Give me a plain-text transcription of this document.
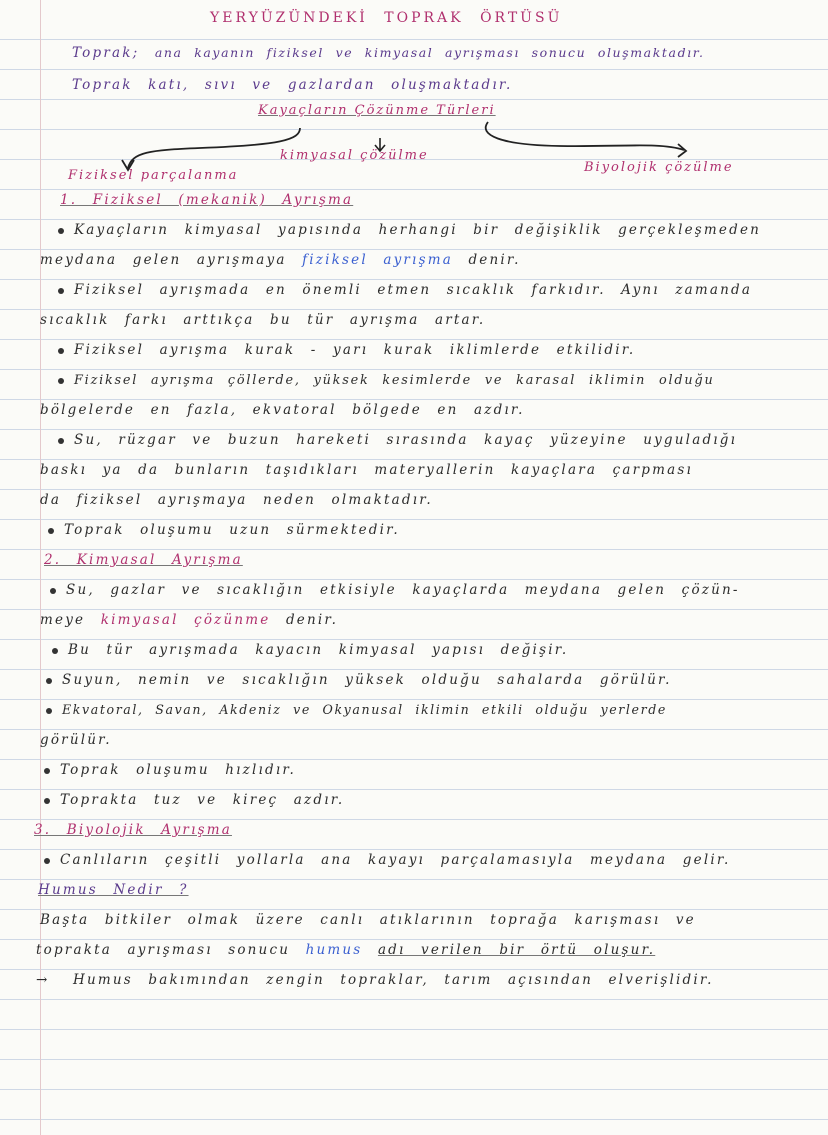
YERYÜZÜNDEKİ TOPRAK ÖRTÜSÜ
Toprak; ana kayanın fiziksel ve kimyasal ayrışması sonucu oluşmaktadır.
Toprak katı, sıvı ve gazlardan oluşmaktadır.
Kayaçların Çözünme Türleri
Fiziksel parçalanma
kimyasal çözülme
Biyolojik çözülme
1. Fiziksel (mekanik) Ayrışma
Kayaçların kimyasal yapısında herhangi bir değişiklik gerçekleşmeden
meydana gelen ayrışmaya fiziksel ayrışma denir.
Fiziksel ayrışmada en önemli etmen sıcaklık farkıdır. Aynı zamanda
sıcaklık farkı arttıkça bu tür ayrışma artar.
Fiziksel ayrışma kurak - yarı kurak iklimlerde etkilidir.
Fiziksel ayrışma çöllerde, yüksek kesimlerde ve karasal iklimin olduğu
bölgelerde en fazla, ekvatoral bölgede en azdır.
Su, rüzgar ve buzun hareketi sırasında kayaç yüzeyine uyguladığı
baskı ya da bunların taşıdıkları materyallerin kayaçlara çarpması
da fiziksel ayrışmaya neden olmaktadır.
Toprak oluşumu uzun sürmektedir.
2. Kimyasal Ayrışma
Su, gazlar ve sıcaklığın etkisiyle kayaçlarda meydana gelen çözün-
meye kimyasal çözünme denir.
Bu tür ayrışmada kayacın kimyasal yapısı değişir.
Suyun, nemin ve sıcaklığın yüksek olduğu sahalarda görülür.
Ekvatoral, Savan, Akdeniz ve Okyanusal iklimin etkili olduğu yerlerde
görülür.
Toprak oluşumu hızlıdır.
Toprakta tuz ve kireç azdır.
3. Biyolojik Ayrışma
Canlıların çeşitli yollarla ana kayayı parçalamasıyla meydana gelir.
Humus Nedir ?
Başta bitkiler olmak üzere canlı atıklarının toprağa karışması ve
toprakta ayrışması sonucu humus adı verilen bir örtü oluşur.
→ Humus bakımından zengin topraklar, tarım açısından elverişlidir.
